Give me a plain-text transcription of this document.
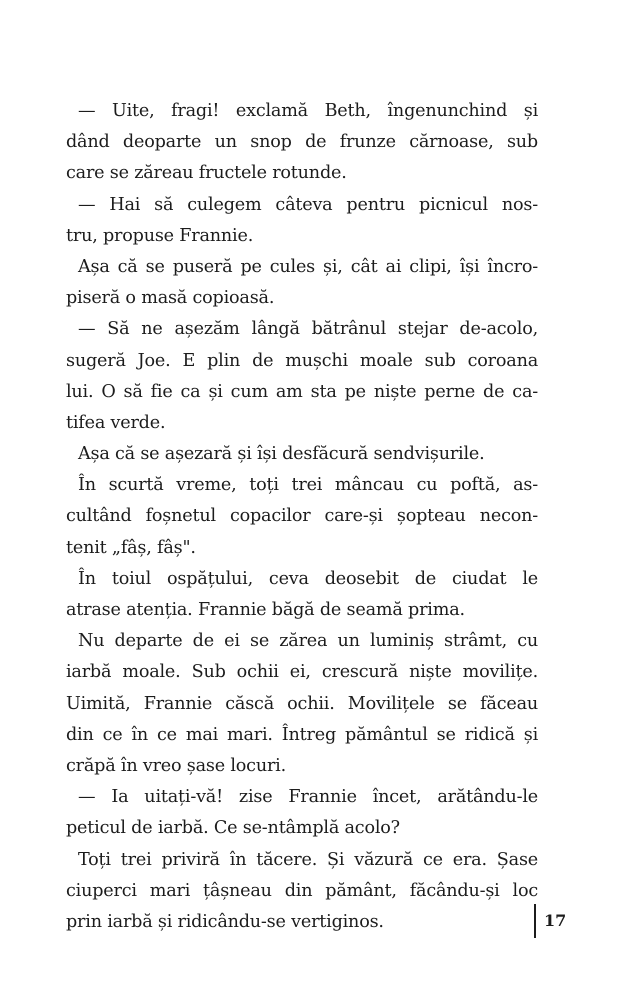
— Uite, fragi! exclamă Beth, îngenunchind și
dând deoparte un snop de frunze cărnoase, sub
care se zăreau fructele rotunde.
— Hai să culegem câteva pentru picnicul nos-
tru, propuse Frannie.
Așa că se puseră pe cules și, cât ai clipi, își încro-
piseră o masă copioasă.
— Să ne așezăm lângă bătrânul stejar de-acolo,
sugeră Joe. E plin de mușchi moale sub coroana
lui. O să fie ca și cum am sta pe niște perne de ca-
tifea verde.
Așa că se așezară și își desfăcură sendvișurile.
În scurtă vreme, toți trei mâncau cu poftă, as-
cultând foșnetul copacilor care-și șopteau necon-
tenit „fâș, fâș".
În toiul ospățului, ceva deosebit de ciudat le
atrase atenția. Frannie băgă de seamă prima.
Nu departe de ei se zărea un luminiș strâmt, cu
iarbă moale. Sub ochii ei, crescură niște movilițe.
Uimită, Frannie căscă ochii. Movilițele se făceau
din ce în ce mai mari. Întreg pământul se ridică și
crăpă în vreo șase locuri.
— Ia uitați-vă! zise Frannie încet, arătându-le
peticul de iarbă. Ce se-ntâmplă acolo?
Toți trei priviră în tăcere. Și văzură ce era. Șase
ciuperci mari țâșneau din pământ, făcându-și loc
prin iarbă și ridicându-se vertiginos.	17
